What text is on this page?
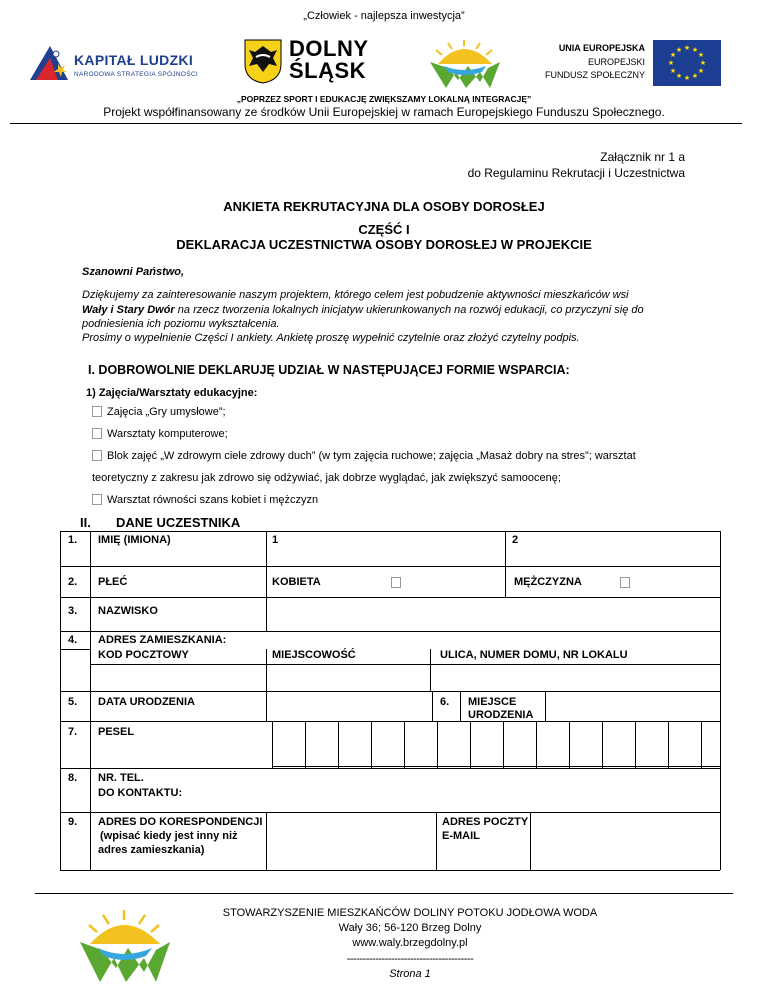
„Człowiek - najlepsza inwestycja”
KAPITAŁ LUDZKI
NARODOWA STRATEGIA SPÓJNOŚCI
DOLNY
ŚLĄSK
UNIA EUROPEJSKA
EUROPEJSKI
FUNDUSZ SPOŁECZNY
★ ★
★
★
★
★
★
★
★
★
★
★
„POPRZEZ SPORT I EDUKACJĘ ZWIĘKSZAMY LOKALNĄ INTEGRACJĘ”
Projekt współfinansowany ze środków Unii Europejskiej w ramach Europejskiego Funduszu Społecznego.
Załącznik nr 1 a
do Regulaminu Rekrutacji i Uczestnictwa
ANKIETA REKRUTACYJNA DLA OSOBY DOROSŁEJ
CZĘŚĆ I
DEKLARACJA UCZESTNICTWA OSOBY DOROSŁEJ W PROJEKCIE
Szanowni Państwo,
Dziękujemy za zainteresowanie naszym projektem, którego celem jest pobudzenie aktywności mieszkańców wsi
Wały i Stary Dwór na rzecz tworzenia lokalnych inicjatyw ukierunkowanych na rozwój edukacji, co przyczyni się do
podniesienia ich poziomu wykształcenia.
Prosimy o wypełnienie Części I ankiety. Ankietę proszę wypełnić czytelnie oraz złożyć czytelny podpis.
I. DOBROWOLNIE DEKLARUJĘ UDZIAŁ W NASTĘPUJĄCEJ FORMIE WSPARCIA:
1) Zajęcia/Warsztaty edukacyjne:
Zajęcia „Gry umysłowe”;
Warsztaty komputerowe;
Blok zajęć „W zdrowym ciele zdrowy duch” (w tym zajęcia ruchowe; zajęcia „Masaż dobry na stres”; warsztat
teoretyczny z zakresu jak zdrowo się odżywiać, jak dobrze wyglądać, jak zwiększyć samoocenę;
Warsztat równości szans kobiet i mężczyzn
II. DANE UCZESTNIKA
1. IMIĘ (IMIONA)	1	2
2. PŁEĆ	KOBIETA	MĘŻCZYZNA
3. NAZWISKO
4. ADRES ZAMIESZKANIA:
KOD POCZTOWY	MIEJSCOWOŚĆ	ULICA, NUMER DOMU, NR LOKALU
5. DATA URODZENIA	6. MIEJSCE
URODZENIA
7. PESEL
8. NR. TEL.
DO KONTAKTU:
9. ADRES DO KORESPONDENCJI
(wpisać kiedy jest inny niż
adres zamieszkania)
ADRES POCZTY
E-MAIL
STOWARZYSZENIE MIESZKAŃCÓW DOLINY POTOKU JODŁOWA WODA
Wały 36; 56-120 Brzeg Dolny
www.waly.brzegdolny.pl
----------------------------------------
Strona 1
